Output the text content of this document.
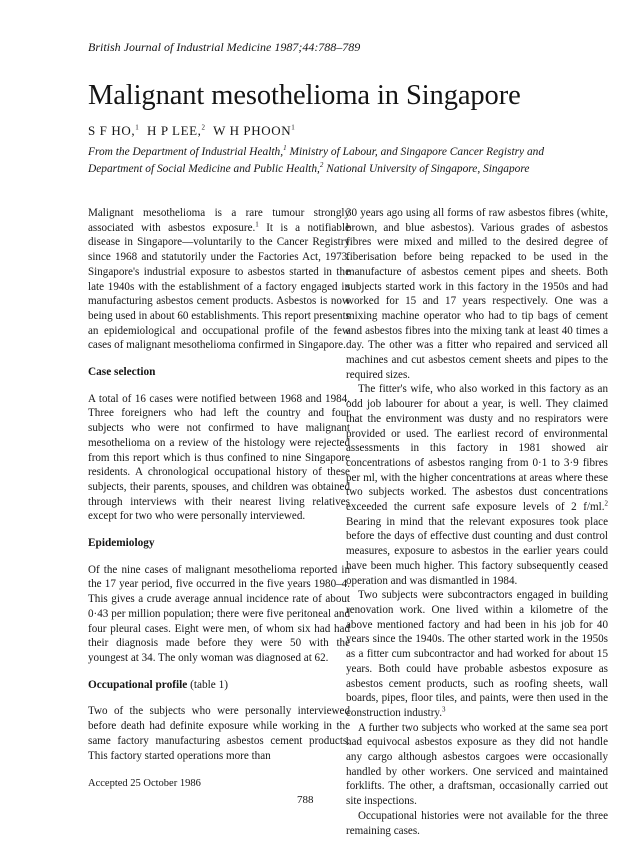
British Journal of Industrial Medicine 1987;44:788–789
Malignant mesothelioma in Singapore
S F HO,$^1$ H P LEE,$^2$ W H PHOON$^1$
From the Department of Industrial Health,$^1$ Ministry of Labour, and Singapore Cancer Registry and
Department of Social Medicine and Public Health,$^2$ National University of Singapore, Singapore

Malignant mesothelioma is a rare tumour strongly associated with asbestos exposure.$^1$ It is a notifiable disease in Singapore—voluntarily to the Cancer Registry since 1968 and statutorily under the Factories Act, 1973. Singapore's industrial exposure to asbestos started in the late 1940s with the establishment of a factory engaged in manufacturing asbestos cement products. Asbestos is now being used in about 60 establishments. This report presents an epidemiological and occupational profile of the few cases of malignant mesothelioma confirmed in Singapore.

Case selection

A total of 16 cases were notified between 1968 and 1984. Three foreigners who had left the country and four subjects who were not confirmed to have malignant mesothelioma on a review of the histology were rejected from this report which is thus confined to nine Singapore residents. A chronological occupational history of these subjects, their parents, spouses, and children was obtained through interviews with their nearest living relatives except for two who were personally interviewed.

Epidemiology

Of the nine cases of malignant mesothelioma reported in the 17 year period, five occurred in the five years 1980–4. This gives a crude average annual incidence rate of about 0·43 per million population; there were five peritoneal and four pleural cases. Eight were men, of whom six had had their diagnosis made before they were 50 with the youngest at 34. The only woman was diagnosed at 62.

Occupational profile (table 1)

Two of the subjects who were personally interviewed before death had definite exposure while working in the same factory manufacturing asbestos cement products. This factory started operations more than

30 years ago using all forms of raw asbestos fibres (white, brown, and blue asbestos). Various grades of asbestos fibres were mixed and milled to the desired degree of fiberisation before being repacked to be used in the manufacture of asbestos cement pipes and sheets. Both subjects started work in this factory in the 1950s and had worked for 15 and 17 years respectively. One was a mixing machine operator who had to tip bags of cement and asbestos fibres into the mixing tank at least 40 times a day. The other was a fitter who repaired and serviced all machines and cut asbestos cement sheets and pipes to the required sizes.

The fitter's wife, who also worked in this factory as an odd job labourer for about a year, is well. They claimed that the environment was dusty and no respirators were provided or used. The earliest record of environmental assessments in this factory in 1981 showed air concentrations of asbestos ranging from 0·1 to 3·9 fibres per ml, with the higher concentrations at areas where these two subjects worked. The asbestos dust concentrations exceeded the current safe exposure levels of 2 f/ml.$^2$ Bearing in mind that the relevant exposures took place before the days of effective dust counting and dust control measures, exposure to asbestos in the earlier years could have been much higher. This factory subsequently ceased operation and was dismantled in 1984.

Two subjects were subcontractors engaged in building renovation work. One lived within a kilometre of the above mentioned factory and had been in his job for 40 years since the 1940s. The other started work in the 1950s as a fitter cum subcontractor and had worked for about 15 years. Both could have probable asbestos exposure as asbestos cement products, such as roofing sheets, wall boards, pipes, floor tiles, and paints, were then used in the construction industry.$^3$

A further two subjects who worked at the same sea port had equivocal asbestos exposure as they did not handle any cargo although asbestos cargoes were occasionally handled by other workers. One serviced and maintained forklifts. The other, a draftsman, occasionally carried out site inspections.

Occupational histories were not available for the three remaining cases.

Accepted 25 October 1986
788
